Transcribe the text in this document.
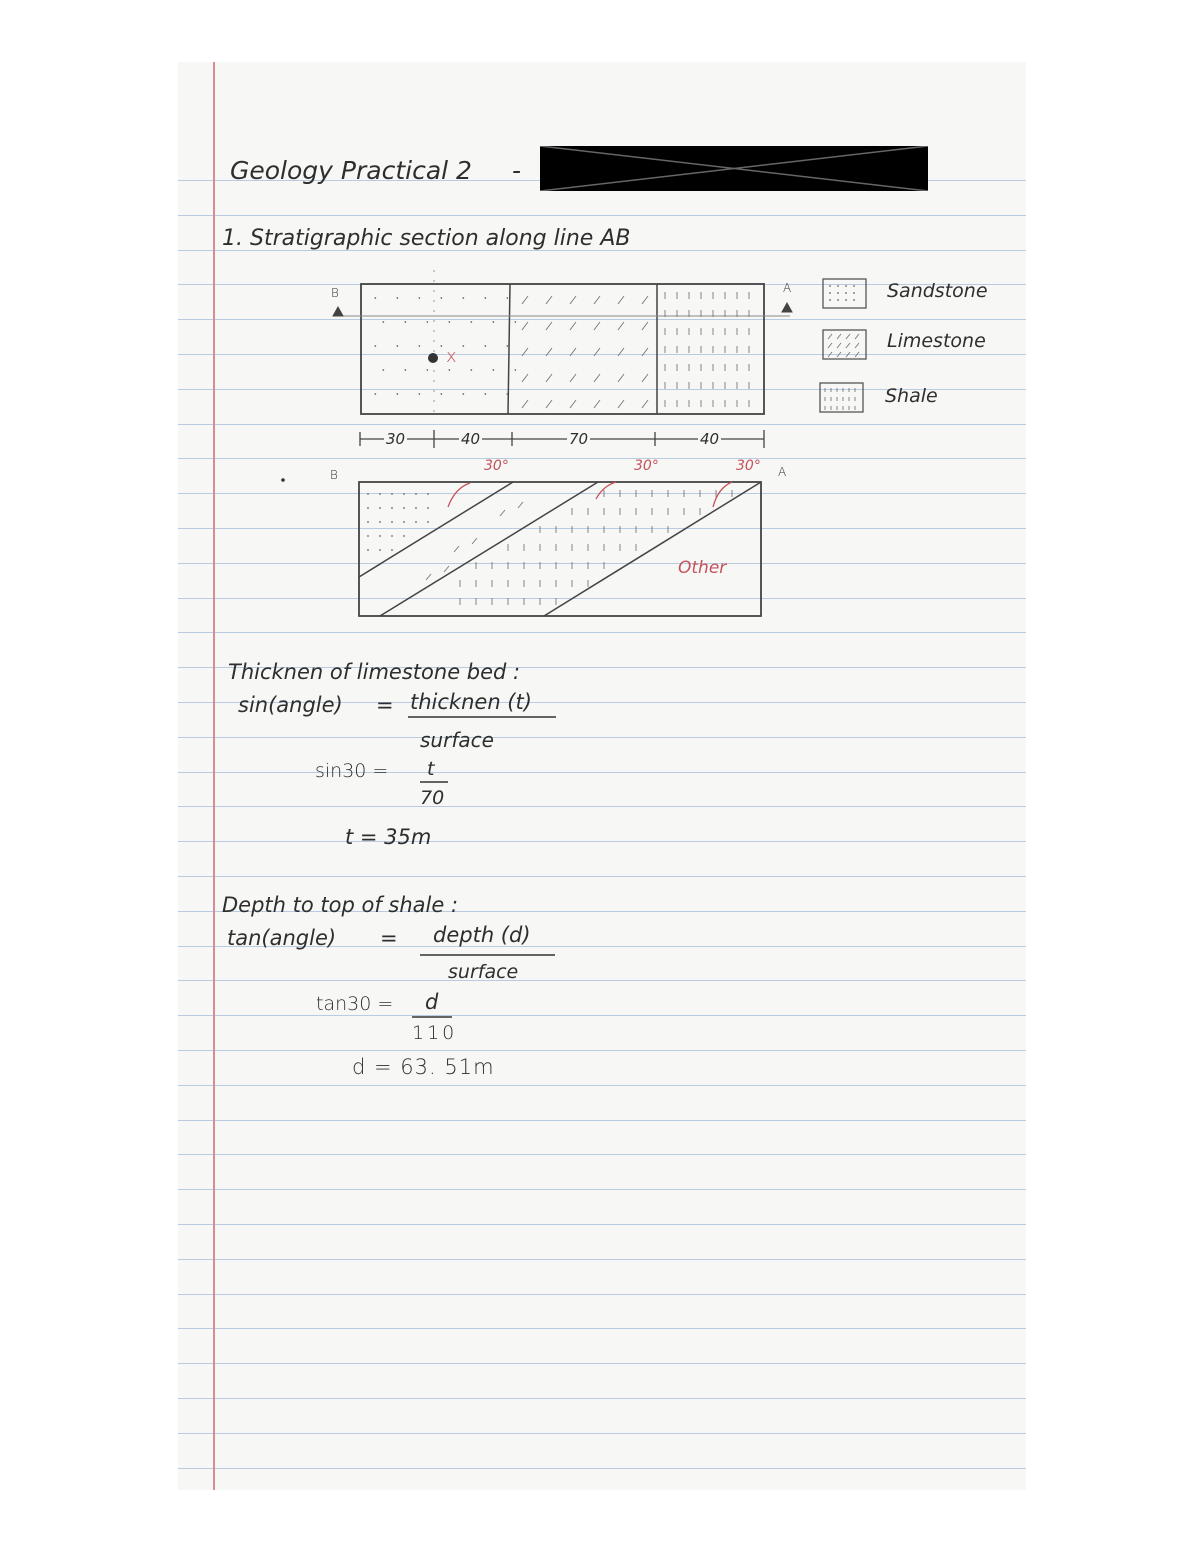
Geology Practical 2 -
1. Stratigraphic section along line AB
B	A
x
30	40	70	40
Sandstone
Limestone
Shale
B	A
30°	30°	30°
Other
Thicknen of limestone bed :
sin(angle) = thicknen (t)
surface
sin30 = t
70
t = 35m
Depth to top of shale :
tan(angle) = depth (d)
surface
tan30 = d
110
d = 63. 51m
